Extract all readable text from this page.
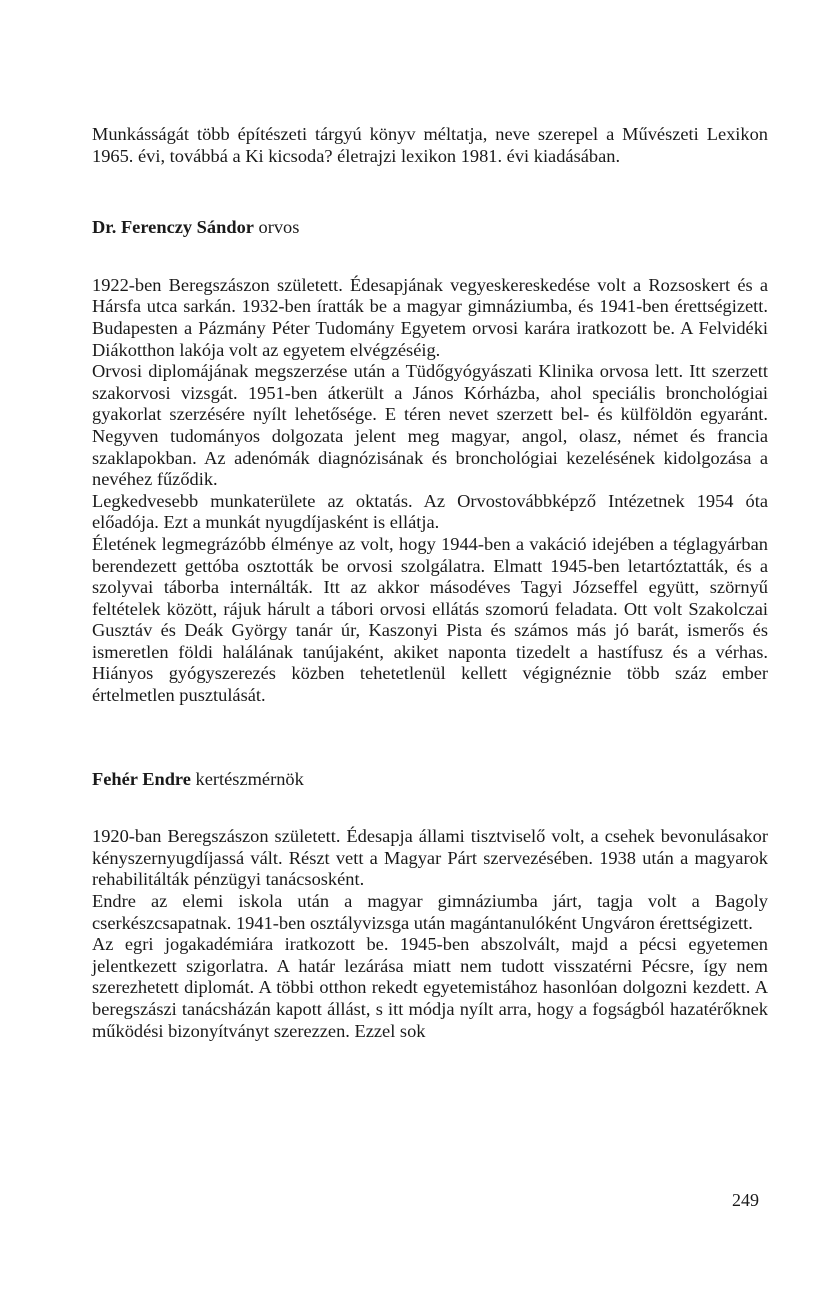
Munkásságát több építészeti tárgyú könyv méltatja, neve szerepel a Művészeti Lexikon 1965. évi, továbbá a Ki kicsoda? életrajzi lexikon 1981. évi kiadásában.

Dr. Ferenczy Sándor orvos

1922-ben Beregszászon született. Édesapjának vegyeskereskedése volt a Rozsoskert és a Hársfa utca sarkán. 1932-ben íratták be a magyar gimnáziumba, és 1941-ben érettségizett. Budapesten a Pázmány Péter Tudomány Egyetem orvosi karára iratkozott be. A Felvidéki Diákotthon lakója volt az egyetem elvégzéséig.

Orvosi diplomájának megszerzése után a Tüdőgyógyászati Klinika orvosa lett. Itt szerzett szakorvosi vizsgát. 1951-ben átkerült a János Kórházba, ahol speciális bronchológiai gyakorlat szerzésére nyílt lehetősége. E téren nevet szerzett bel- és külföldön egyaránt. Negyven tudományos dolgozata jelent meg magyar, angol, olasz, német és francia szaklapokban. Az adenómák diagnózisának és bronchológiai kezelésének kidolgozása a nevéhez fűződik.

Legkedvesebb munkaterülete az oktatás. Az Orvostovábbképző Intézetnek 1954 óta előadója. Ezt a munkát nyugdíjasként is ellátja.

Életének legmegrázóbb élménye az volt, hogy 1944-ben a vakáció idejében a téglagyárban berendezett gettóba osztották be orvosi szolgálatra. Elmatt 1945-ben letartóztatták, és a szolyvai táborba internálták. Itt az akkor másodéves Tagyi Józseffel együtt, szörnyű feltételek között, rájuk hárult a tábori orvosi ellátás szomorú feladata. Ott volt Szakolczai Gusztáv és Deák György tanár úr, Kaszonyi Pista és számos más jó barát, ismerős és ismeretlen földi halálának tanújaként, akiket naponta tizedelt a hastífusz és a vérhas. Hiányos gyógyszerezés közben tehetetlenül kellett végignéznie több száz ember értelmetlen pusztulását.

Fehér Endre kertészmérnök

1920-ban Beregszászon született. Édesapja állami tisztviselő volt, a csehek bevonulásakor kényszernyugdíjassá vált. Részt vett a Magyar Párt szervezésében. 1938 után a magyarok rehabilitálták pénzügyi tanácsosként.

Endre az elemi iskola után a magyar gimnáziumba járt, tagja volt a Bagoly cserkészcsapatnak. 1941-ben osztályvizsga után magántanulóként Ungváron érettségizett.

Az egri jogakadémiára iratkozott be. 1945-ben abszolvált, majd a pécsi egyetemen jelentkezett szigorlatra. A határ lezárása miatt nem tudott visszatérni Pécsre, így nem szerezhetett diplomát. A többi otthon rekedt egyetemistához hasonlóan dolgozni kezdett. A beregszászi tanácsházán kapott állást, s itt módja nyílt arra, hogy a fogságból hazatérőknek működési bizonyítványt szerezzen. Ezzel sok

249
